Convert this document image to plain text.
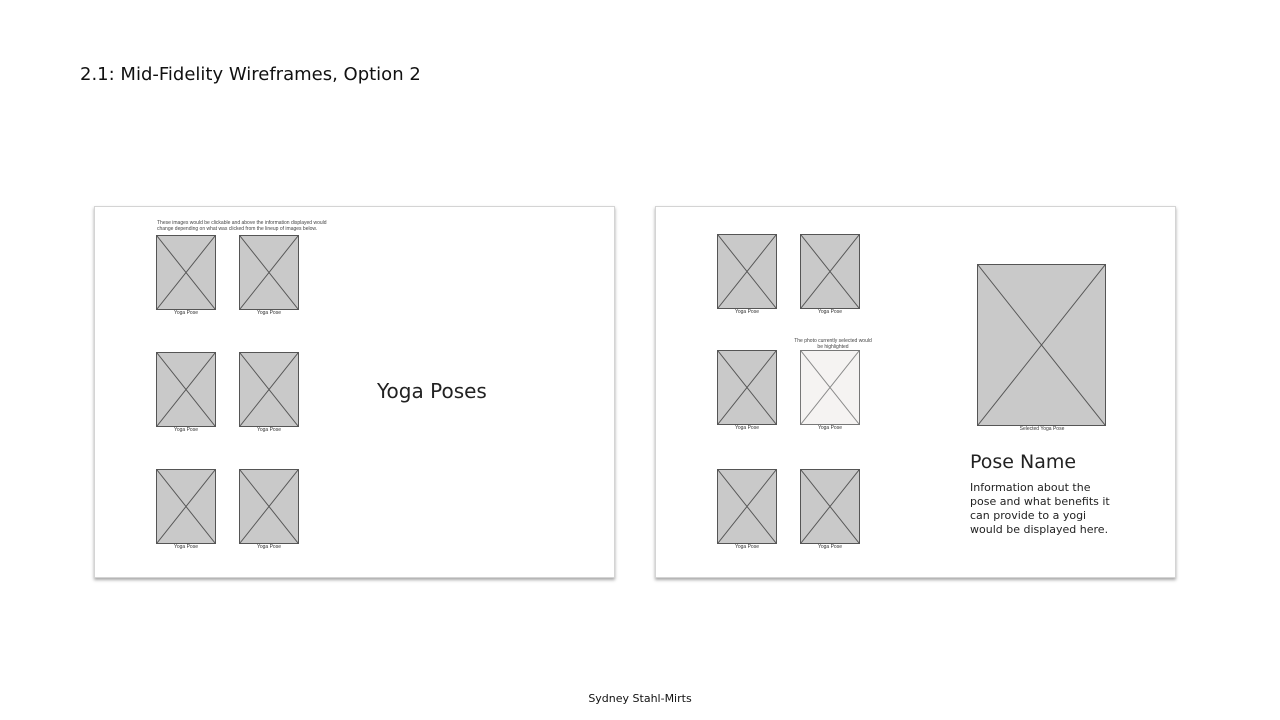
2.1: Mid-Fidelity Wireframes, Option 2
These images would be clickable and above the information displayed would change depending on what was clicked from the lineup of images below.
Yoga Pose	Yoga Pose
Yoga Pose	Yoga Pose
Yoga Pose	Yoga Pose
Yoga Poses
Yoga Pose	Yoga Pose
The photo currently selected would be highlighted
Yoga Pose	Yoga Pose
Yoga Pose	Yoga Pose
Selected Yoga Pose
Pose Name
Information about the pose and what benefits it can provide to a yogi would be displayed here.
Sydney Stahl-Mirts
